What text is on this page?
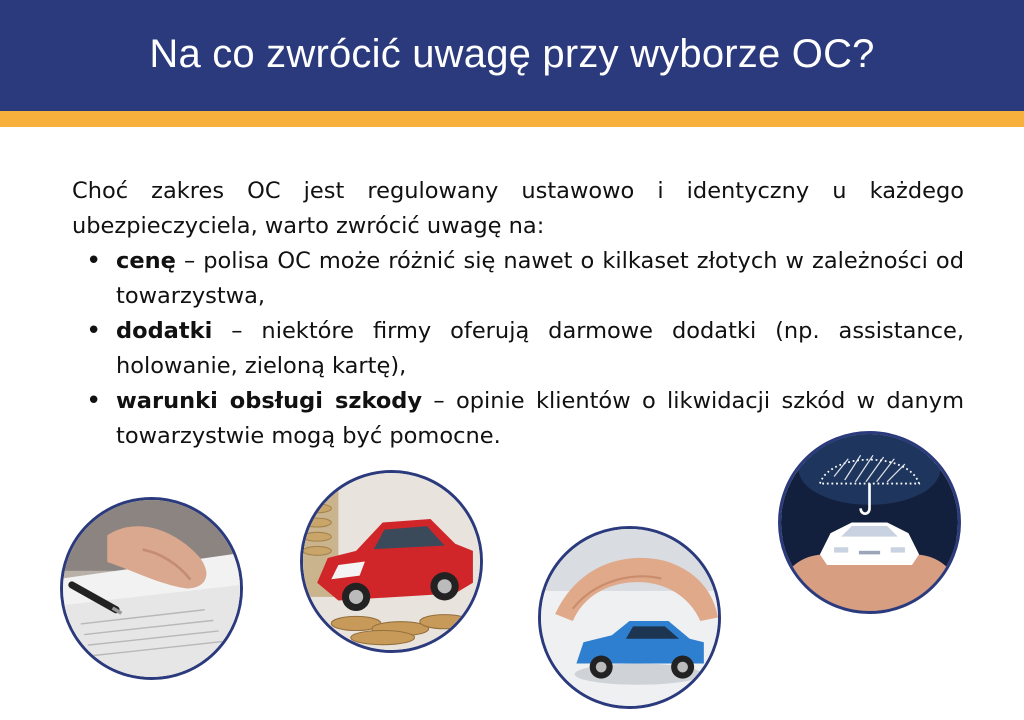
Na co zwrócić uwagę przy wyborze OC?

Choć zakres OC jest regulowany ustawowo i identyczny u każdego ubezpieczyciela, warto zwrócić uwagę na:

• cenę – polisa OC może różnić się nawet o kilkaset złotych w zależności od towarzystwa,
• dodatki – niektóre firmy oferują darmowe dodatki (np. assistance, holowanie, zieloną kartę),
• warunki obsługi szkody – opinie klientów o likwidacji szkód w danym towarzystwie mogą być pomocne.
